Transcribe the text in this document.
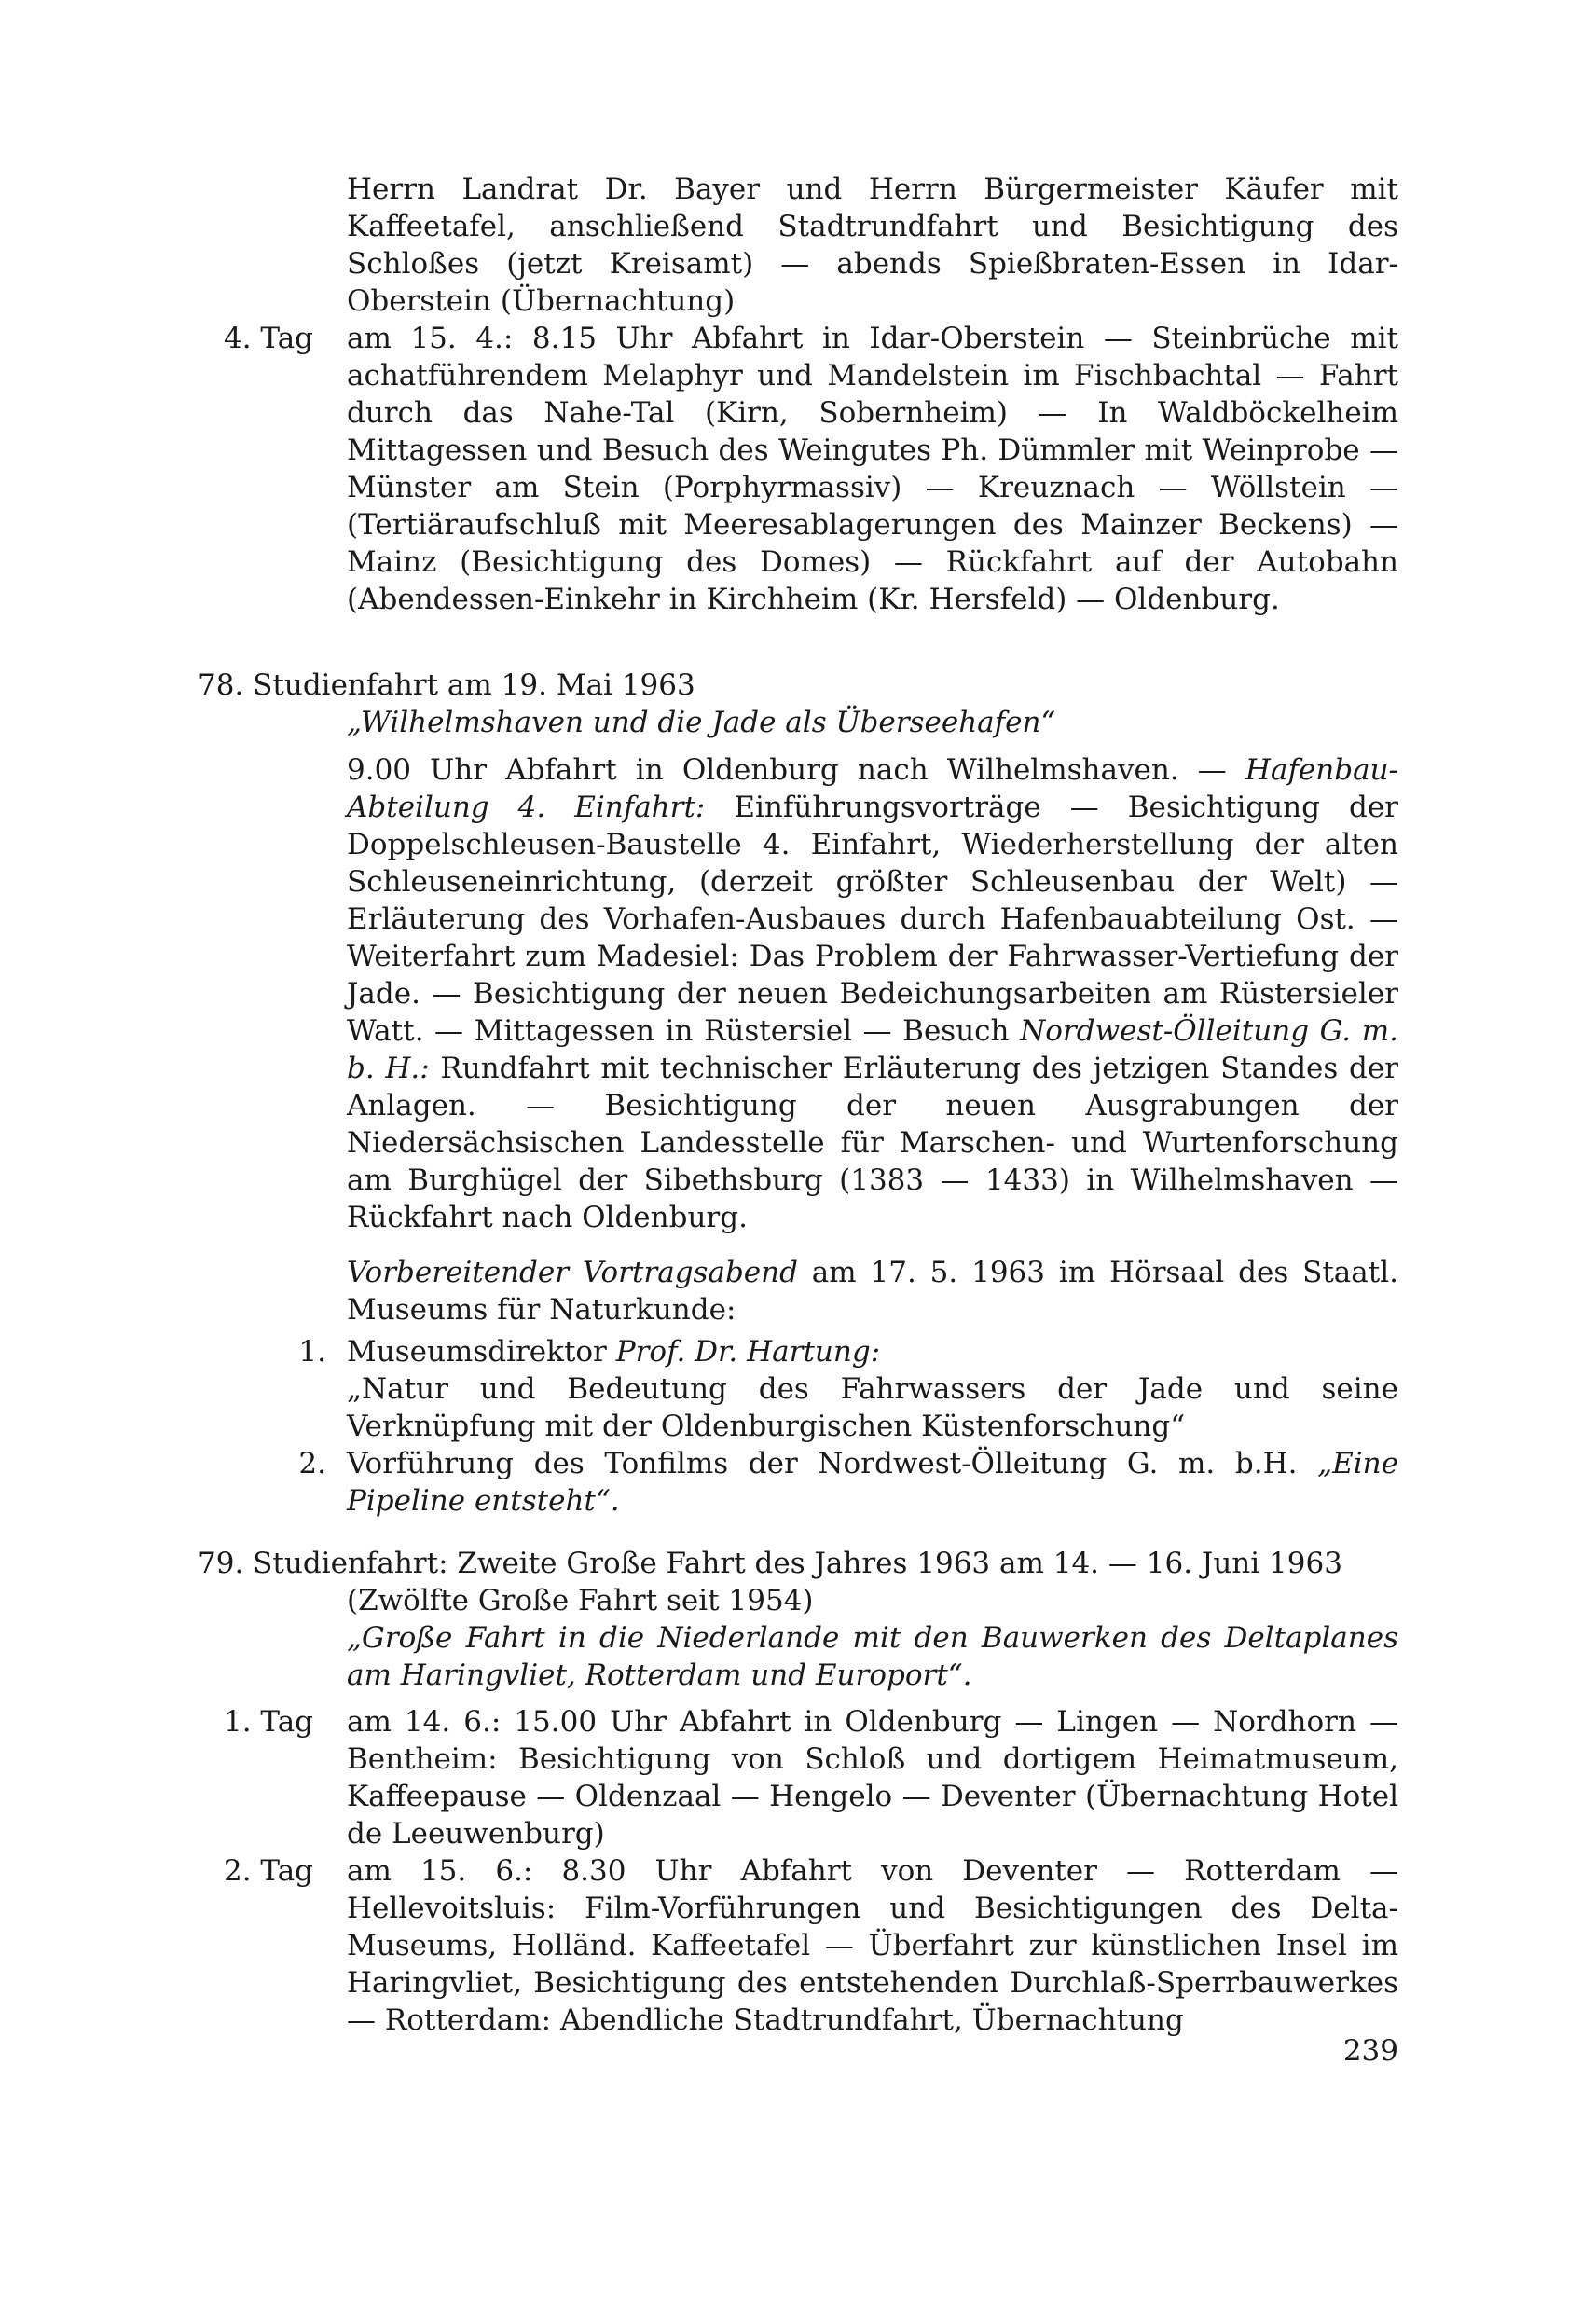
Herrn Landrat Dr. Bayer und Herrn Bürgermeister Käufer mit Kaffeetafel, anschließend Stadtrundfahrt und Besichtigung des Schloßes (jetzt Kreisamt) — abends Spießbraten-Essen in Idar-Oberstein (Übernachtung)

4. Tag	am 15. 4.: 8.15 Uhr Abfahrt in Idar-Oberstein — Steinbrüche mit achatführendem Melaphyr und Mandelstein im Fischbachtal — Fahrt durch das Nahe-Tal (Kirn, Sobernheim) — In Waldböckelheim Mittagessen und Besuch des Weingutes Ph. Dümmler mit Weinprobe — Münster am Stein (Porphyrmassiv) — Kreuznach — Wöllstein — (Tertiäraufschluß mit Meeresablagerungen des Mainzer Beckens) — Mainz (Besichtigung des Domes) — Rückfahrt auf der Autobahn (Abendessen-Einkehr in Kirchheim (Kr. Hersfeld) — Oldenburg.

78. Studienfahrt am 19. Mai 1963

„Wilhelmshaven und die Jade als Überseehafen“

9.00 Uhr Abfahrt in Oldenburg nach Wilhelmshaven. — Hafenbau-Abteilung 4. Einfahrt: Einführungsvorträge — Besichtigung der Doppelschleusen-Baustelle 4. Einfahrt, Wiederherstellung der alten Schleuseneinrichtung, (derzeit größter Schleusenbau der Welt) — Erläuterung des Vorhafen-Ausbaues durch Hafenbauabteilung Ost. — Weiterfahrt zum Madesiel: Das Problem der Fahrwasser-Vertiefung der Jade. — Besichtigung der neuen Bedeichungsarbeiten am Rüstersieler Watt. — Mittagessen in Rüstersiel — Besuch Nordwest-Ölleitung G. m. b. H.: Rundfahrt mit technischer Erläuterung des jetzigen Standes der Anlagen. — Besichtigung der neuen Ausgrabungen der Niedersächsischen Landesstelle für Marschen- und Wurtenforschung am Burghügel der Sibethsburg (1383 — 1433) in Wilhelmshaven — Rückfahrt nach Oldenburg.

Vorbereitender Vortragsabend am 17. 5. 1963 im Hörsaal des Staatl. Museums für Naturkunde:

1. Museumsdirektor Prof. Dr. Hartung:

„Natur und Bedeutung des Fahrwassers der Jade und seine Verknüpfung mit der Oldenburgischen Küstenforschung“

2. Vorführung des Tonfilms der Nordwest-Ölleitung G. m. b.H. „Eine Pipeline entsteht“.

79. Studienfahrt: Zweite Große Fahrt des Jahres 1963 am 14. — 16. Juni 1963

(Zwölfte Große Fahrt seit 1954)

„Große Fahrt in die Niederlande mit den Bauwerken des Deltaplanes am Haringvliet, Rotterdam und Europort“.

1. Tag	am 14. 6.: 15.00 Uhr Abfahrt in Oldenburg — Lingen — Nordhorn — Bentheim: Besichtigung von Schloß und dortigem Heimatmuseum, Kaffeepause — Oldenzaal — Hengelo — Deventer (Übernachtung Hotel de Leeuwenburg)

2. Tag	am 15. 6.: 8.30 Uhr Abfahrt von Deventer — Rotterdam — Hellevoitsluis: Film-Vorführungen und Besichtigungen des Delta-Museums, Holländ. Kaffeetafel — Überfahrt zur künstlichen Insel im Haringvliet, Besichtigung des entstehenden Durchlaß-Sperrbauwerkes — Rotterdam: Abendliche Stadtrundfahrt, Übernachtung

239
